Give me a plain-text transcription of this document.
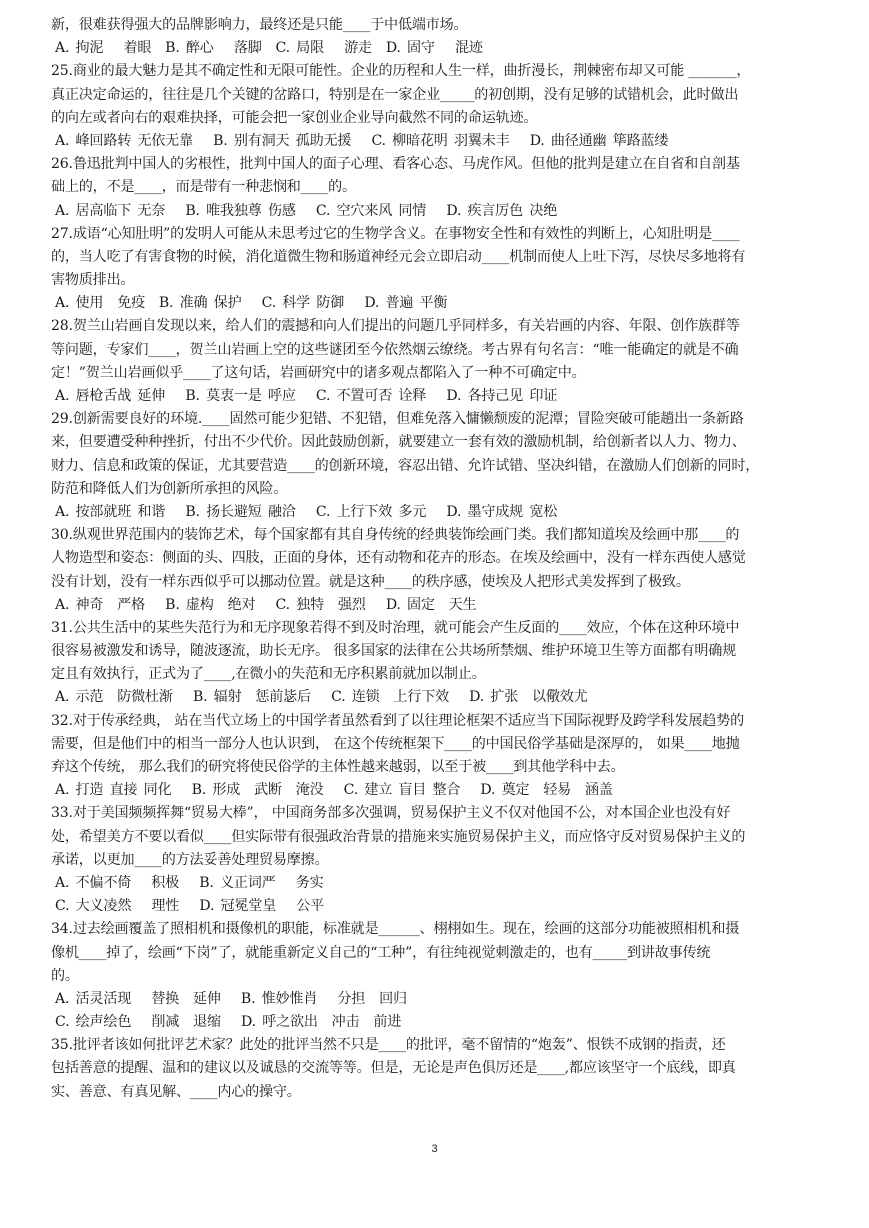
新，很难获得强大的品牌影响力，最终还是只能____于中低端市场。
A. 拘泥　 着眼　B. 醉心　 落脚　C. 局限　 游走　D. 固守　 混迹
25.商业的最大魅力是其不确定性和无限可能性。企业的历程和人生一样，曲折漫长，荆棘密布却又可能 _______，
真正决定命运的，往往是几个关键的岔路口，特别是在一家企业_____的初创期，没有足够的试错机会，此时做出
的向左或者向右的艰难抉择，可能会把一家创业企业导向截然不同的命运轨迹。
A. 峰回路转 无依无靠　 B. 别有洞天 孤助无援　 C. 柳暗花明 羽翼未丰　 D. 曲径通幽 筚路蓝缕
26.鲁迅批判中国人的劣根性，批判中国人的面子心理、看客心态、马虎作风。但他的批判是建立在自省和自剖基
础上的，不是____，而是带有一种悲悯和____的。
A. 居高临下 无奈　 B. 唯我独尊 伤感　 C. 空穴来风 同情　 D. 疾言厉色 决绝
27.成语“心知肚明”的发明人可能从未思考过它的生物学含义。在事物安全性和有效性的判断上，心知肚明是____
的，当人吃了有害食物的时候，消化道微生物和肠道神经元会立即启动____机制而使人上吐下泻，尽快尽多地将有
害物质排出。
A. 使用　免疫　B. 准确 保护　 C. 科学 防御　 D. 普遍 平衡
28.贺兰山岩画自发现以来，给人们的震撼和向人们提出的问题几乎同样多，有关岩画的内容、年限、创作族群等
等问题，专家们____，贺兰山岩画上空的这些谜团至今依然烟云缭绕。考古界有句名言：“唯一能确定的就是不确
定！”贺兰山岩画似乎____了这句话，岩画研究中的诸多观点都陷入了一种不可确定中。
A. 唇枪舌战 延伸　 B. 莫衷一是 呼应　 C. 不置可否 诠释　 D. 各持己见 印证
29.创新需要良好的环境.____固然可能少犯错、不犯错，但难免落入慵懒颓废的泥潭；冒险突破可能趟出一条新路
来，但要遭受种种挫折，付出不少代价。因此鼓励创新，就要建立一套有效的激励机制，给创新者以人力、物力、
财力、信息和政策的保证，尤其要营造____的创新环境，容忍出错、允许试错、坚决纠错，在激励人们创新的同时，
防范和降低人们为创新所承担的风险。
A. 按部就班 和谐　 B. 扬长避短 融洽　 C. 上行下效 多元　 D. 墨守成规 宽松
30.纵观世界范围内的装饰艺术，每个国家都有其自身传统的经典装饰绘画门类。我们都知道埃及绘画中那____的
人物造型和姿态：侧面的头、四肢，正面的身体，还有动物和花卉的形态。在埃及绘画中，没有一样东西使人感觉
没有计划，没有一样东西似乎可以挪动位置。就是这种____的秩序感，使埃及人把形式美发挥到了极致。
A. 神奇　严格　 B. 虚构　绝对　 C. 独特　强烈　 D. 固定　天生
31.公共生活中的某些失范行为和无序现象若得不到及时治理，就可能会产生反面的____效应，个体在这种环境中
很容易被激发和诱导，随波逐流，助长无序。 很多国家的法律在公共场所禁烟、维护环境卫生等方面都有明确规
定且有效执行，正式为了____,在微小的失范和无序积累前就加以制止。
A. 示范　防微杜渐　 B. 辐射　惩前毖后　 C. 连锁　上行下效　 D. 扩张　以儆效尤
32.对于传承经典， 站在当代立场上的中国学者虽然看到了以往理论框架不适应当下国际视野及跨学科发展趋势的
需要，但是他们中的相当一部分人也认识到， 在这个传统框架下____的中国民俗学基础是深厚的， 如果____地抛
弃这个传统， 那么我们的研究将使民俗学的主体性越来越弱，以至于被____到其他学科中去。
A. 打造 直接 同化　 B. 形成　武断　淹没　 C. 建立 盲目 整合　 D. 奠定　轻易　涵盖
33.对于美国频频挥舞“贸易大棒”， 中国商务部多次强调，贸易保护主义不仅对他国不公，对本国企业也没有好
处，希望美方不要以看似____但实际带有很强政治背景的措施来实施贸易保护主义，而应恪守反对贸易保护主义的
承诺，以更加____的方法妥善处理贸易摩擦。
A. 不偏不倚　 积极　 B. 义正词严　 务实
C. 大义凌然　 理性　 D. 冠冕堂皇　 公平
34.过去绘画覆盖了照相机和摄像机的职能，标准就是______、栩栩如生。现在，绘画的这部分功能被照相机和摄
像机____掉了，绘画“下岗”了，就能重新定义自己的“工种”，有往纯视觉刺激走的，也有_____到讲故事传统
的。
A. 活灵活现　 替换　延伸　 B. 惟妙惟肖　 分担　回归
C. 绘声绘色　 削减　退缩　 D. 呼之欲出　冲击　前进
35.批评者该如何批评艺术家？此处的批评当然不只是____的批评，毫不留情的“炮轰”、恨铁不成钢的指责，还
包括善意的提醒、温和的建议以及诚恳的交流等等。但是，无论是声色俱厉还是____,都应该坚守一个底线，即真
实、善意、有真见解、____内心的操守。
3
